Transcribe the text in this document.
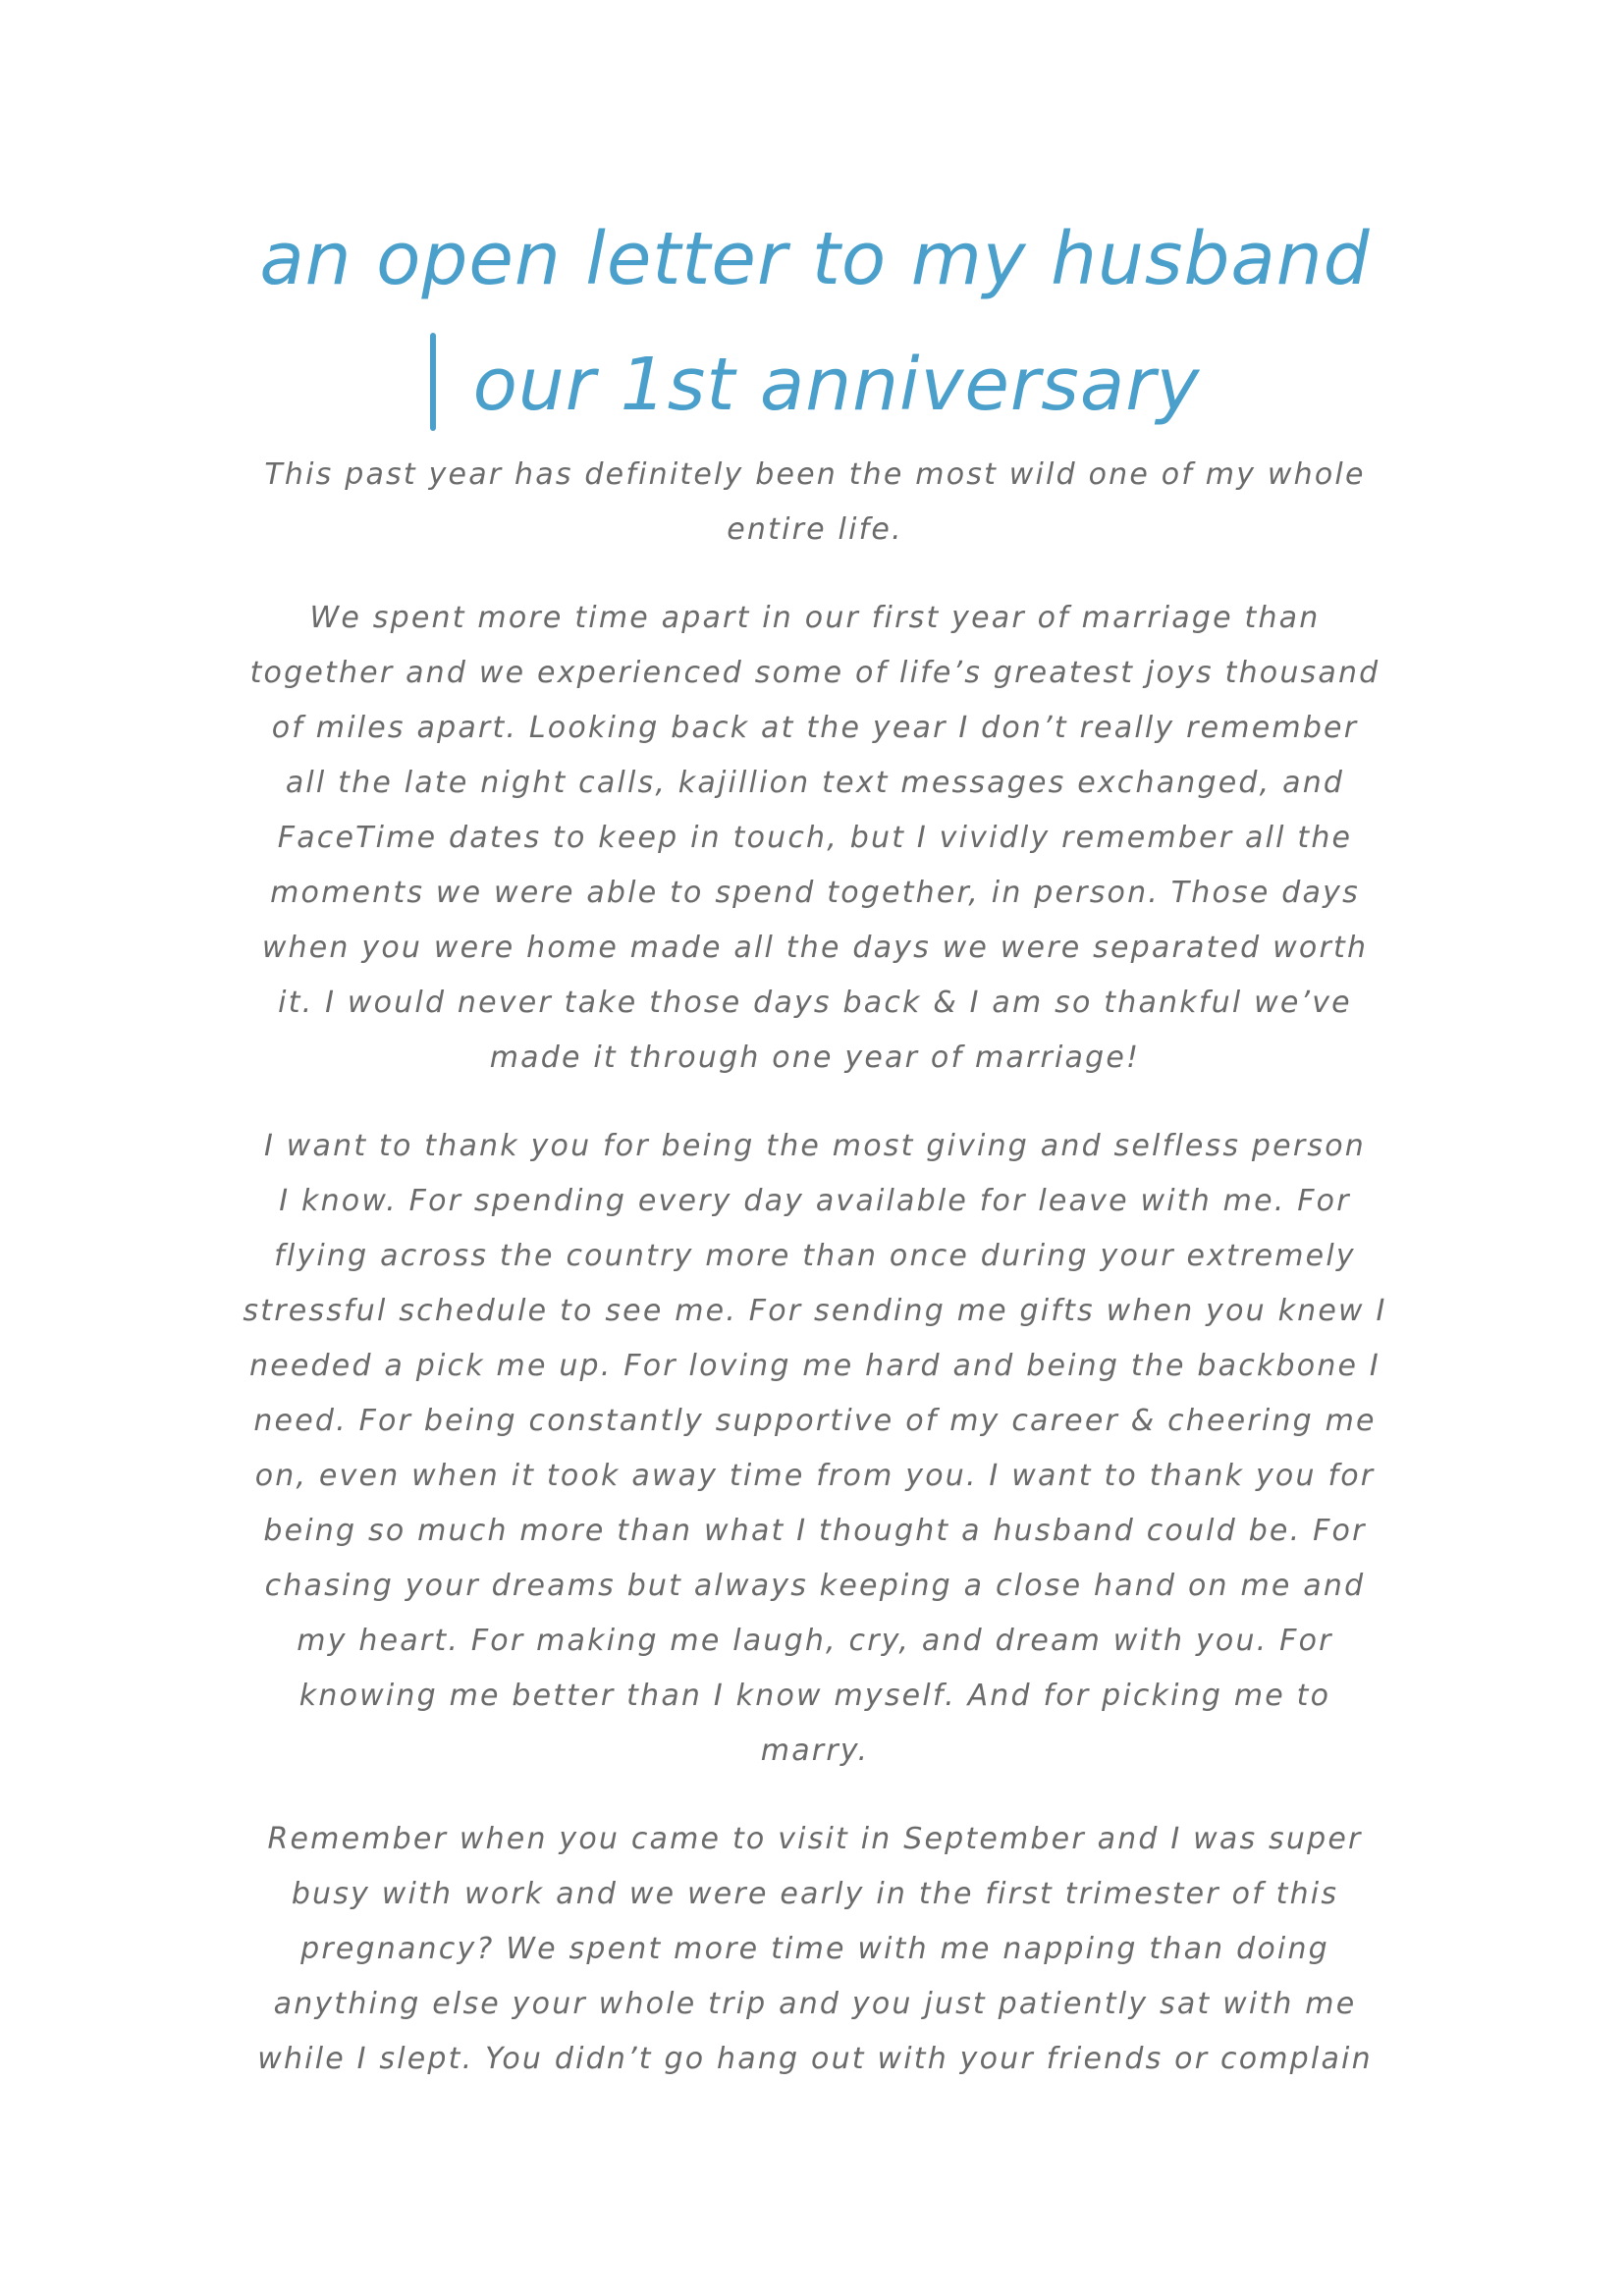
an open letter to my husband
our 1st anniversary

This past year has definitely been the most wild one of my whole
entire life.

We spent more time apart in our first year of marriage than
together and we experienced some of life’s greatest joys thousand
of miles apart. Looking back at the year I don’t really remember
all the late night calls, kajillion text messages exchanged, and
FaceTime dates to keep in touch, but I vividly remember all the
moments we were able to spend together, in person. Those days
when you were home made all the days we were separated worth
it. I would never take those days back & I am so thankful we’ve
made it through one year of marriage!

I want to thank you for being the most giving and selfless person
I know. For spending every day available for leave with me. For
flying across the country more than once during your extremely
stressful schedule to see me. For sending me gifts when you knew I
needed a pick me up. For loving me hard and being the backbone I
need. For being constantly supportive of my career & cheering me
on, even when it took away time from you. I want to thank you for
being so much more than what I thought a husband could be. For
chasing your dreams but always keeping a close hand on me and
my heart. For making me laugh, cry, and dream with you. For
knowing me better than I know myself. And for picking me to
marry.

Remember when you came to visit in September and I was super
busy with work and we were early in the first trimester of this
pregnancy? We spent more time with me napping than doing
anything else your whole trip and you just patiently sat with me
while I slept. You didn’t go hang out with your friends or complain
